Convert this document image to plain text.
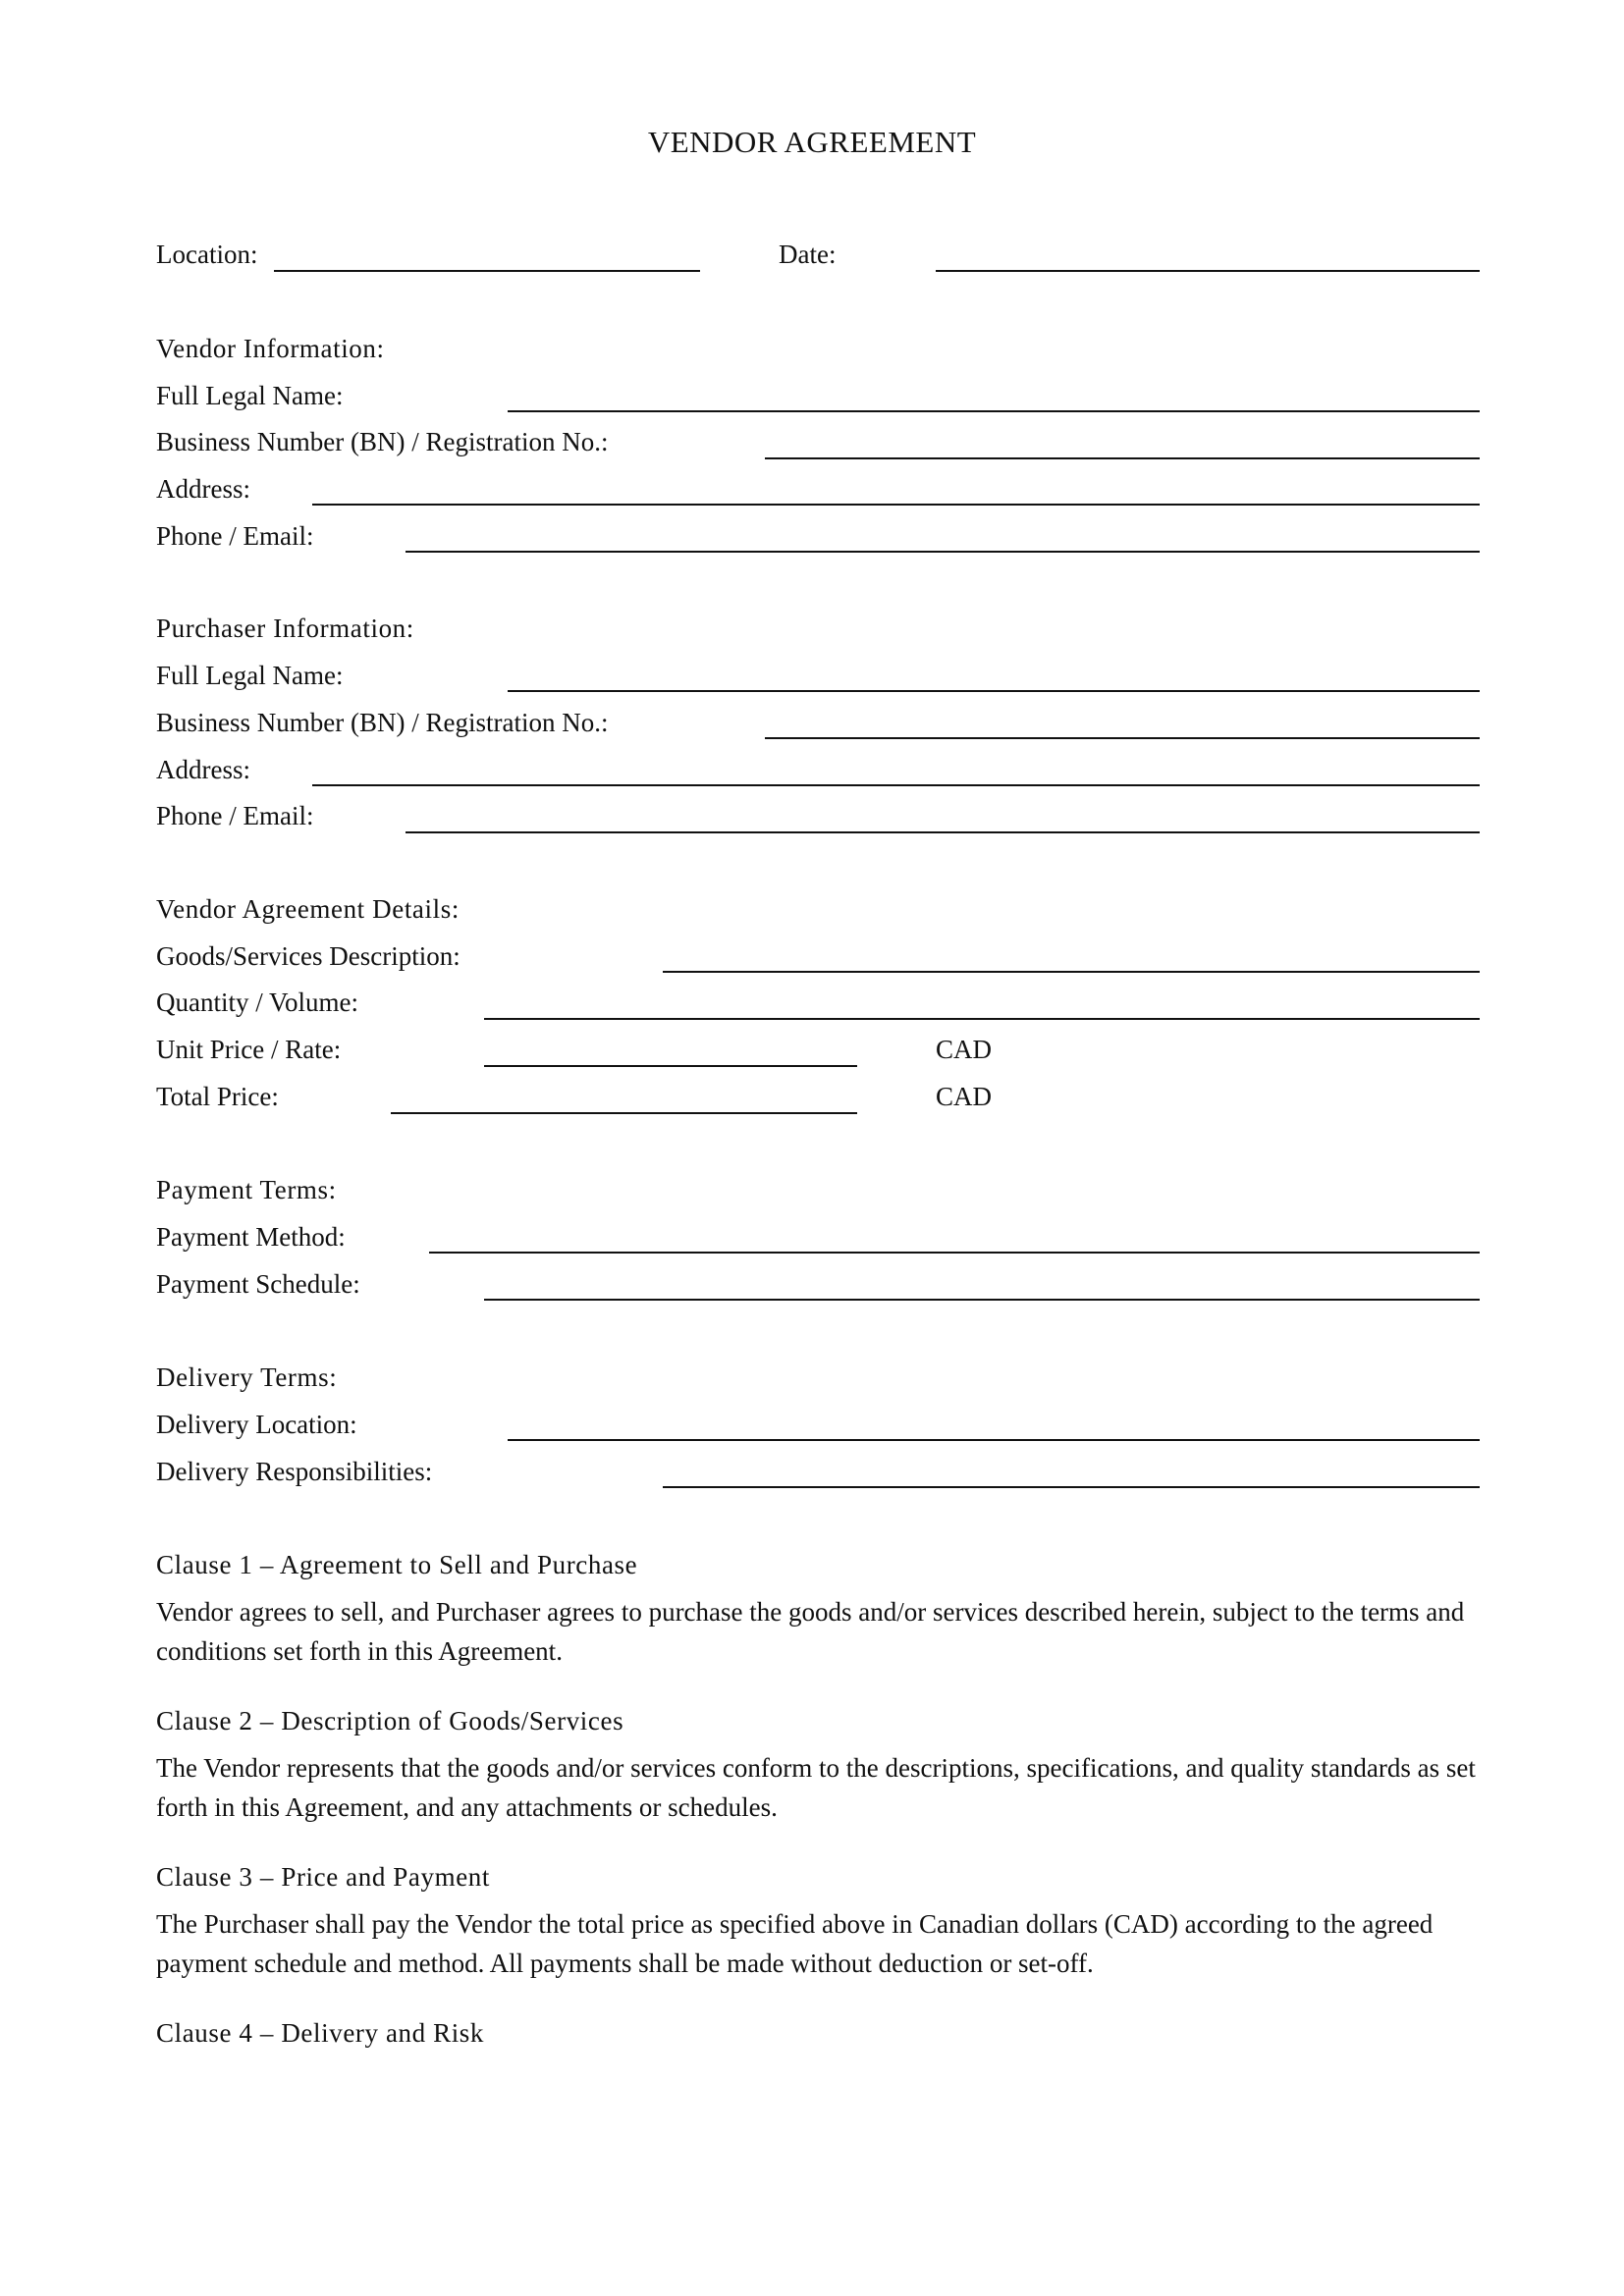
VENDOR AGREEMENT
Location:	Date:
Vendor Information:
Full Legal Name:
Business Number (BN) / Registration No.:
Address:
Phone / Email:
Purchaser Information:
Full Legal Name:
Business Number (BN) / Registration No.:
Address:
Phone / Email:
Vendor Agreement Details:
Goods/Services Description:
Quantity / Volume:
Unit Price / Rate:	CAD
Total Price:	CAD
Payment Terms:
Payment Method:
Payment Schedule:
Delivery Terms:
Delivery Location:
Delivery Responsibilities:
Clause 1 – Agreement to Sell and Purchase
Vendor agrees to sell, and Purchaser agrees to purchase the goods and/or services described herein, subject to the terms and conditions set forth in this Agreement.
Clause 2 – Description of Goods/Services
The Vendor represents that the goods and/or services conform to the descriptions, specifications, and quality standards as set forth in this Agreement, and any attachments or schedules.
Clause 3 – Price and Payment
The Purchaser shall pay the Vendor the total price as specified above in Canadian dollars (CAD) according to the agreed payment schedule and method. All payments shall be made without deduction or set-off.
Clause 4 – Delivery and Risk
